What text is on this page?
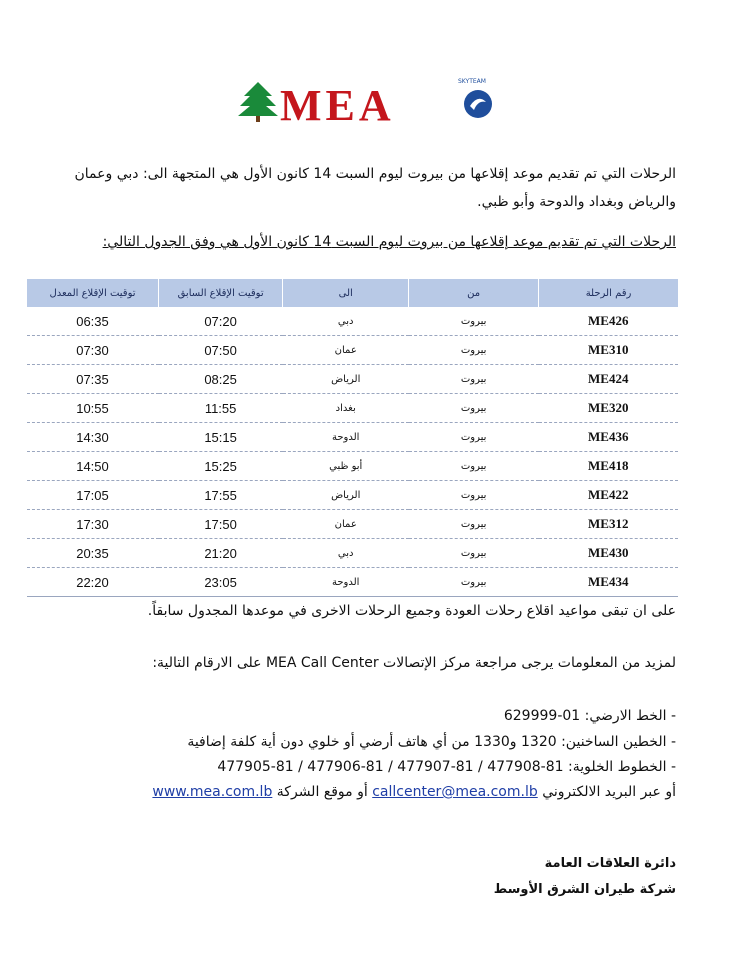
MEA	SKYTEAM
الرحلات التي تم تقديم موعد إقلاعها من بيروت ليوم السبت 14 كانون الأول هي المتجهة الى: دبي وعمان والرياض وبغداد والدوحة وأبو ظبي.
الرحلات التي تم تقديم موعد إقلاعها من بيروت ليوم السبت 14 كانون الأول هي وفق الجدول التالي:
رقم الرحلة	من	الى	توقيت الإقلاع السابق	توقيت الإقلاع المعدل
ME426	بيروت	دبي	07:20	06:35
ME310	بيروت	عمان	07:50	07:30
ME424	بيروت	الرياض	08:25	07:35
ME320	بيروت	بغداد	11:55	10:55
ME436	بيروت	الدوحة	15:15	14:30
ME418	بيروت	أبو ظبي	15:25	14:50
ME422	بيروت	الرياض	17:55	17:05
ME312	بيروت	عمان	17:50	17:30
ME430	بيروت	دبي	21:20	20:35
ME434	بيروت	الدوحة	23:05	22:20
على ان تبقى مواعيد اقلاع رحلات العودة وجميع الرحلات الاخرى في موعدها المجدول سابقاً.
لمزيد من المعلومات يرجى مراجعة مركز الإتصالات MEA Call Center على الارقام التالية:
- الخط الارضي: 01-629999
- الخطين الساخنين: 1320 و1330 من أي هاتف أرضي أو خلوي دون أية كلفة إضافية
- الخطوط الخلوية: 81-477908 / 81-477907 / 81-477906 / 81-477905
أو عبر البريد الالكتروني callcenter@mea.com.lb أو موقع الشركة www.mea.com.lb
دائرة العلاقات العامة
شركة طيران الشرق الأوسط
